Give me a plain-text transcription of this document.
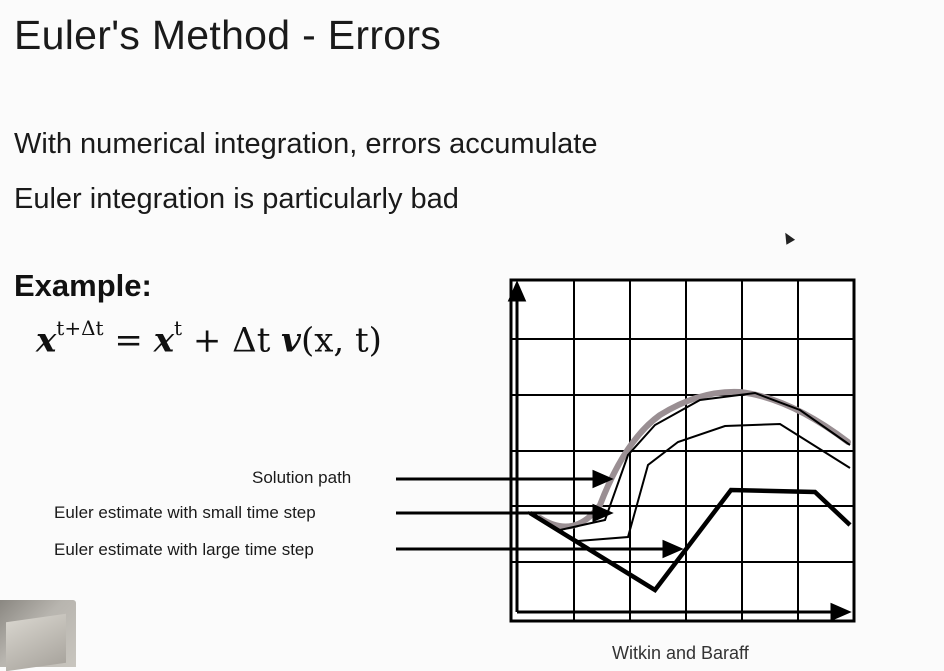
Euler's Method - Errors
With numerical integration, errors accumulate
Euler integration is particularly bad
Example:
$x^{t+\Delta t} = x^t + \Delta t$ v(x, t)
Solution path
Euler estimate with small time step
Euler estimate with large time step
Witkin and Baraff
